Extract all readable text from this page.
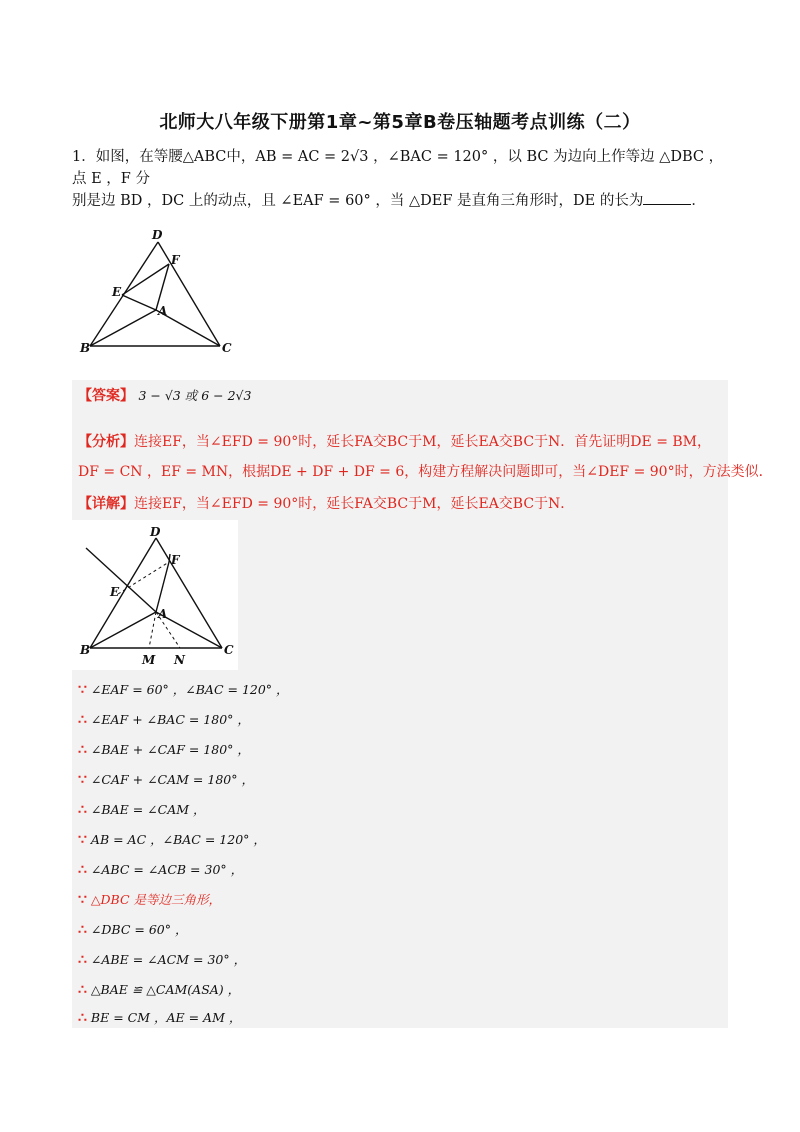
北师大八年级下册第1章~第5章B卷压轴题考点训练（二）
1．如图，在等腰△ABC中，AB = AC = 2√3 ，∠BAC = 120° ，以 BC 为边向上作等边 △DBC ，点 E ，F 分
别是边 BD ，DC 上的动点，且 ∠EAF = 60° ，当 △DEF 是直角三角形时，DE 的长为	．
D
F
E
A
B	C
【答案】 3 − √3 或 6 − 2√3
【分析】连接EF，当∠EFD = 90°时，延长FA交BC于M，延长EA交BC于N．首先证明DE = BM，
DF = CN ，EF = MN，根据DE + DF + DF = 6，构建方程解决问题即可，当∠DEF = 90°时，方法类似．
【详解】连接EF，当∠EFD = 90°时，延长FA交BC于M，延长EA交BC于N．
D
F
E
A
B	C
M N
∵ ∠EAF = 60° ，∠BAC = 120° ，
∴ ∠EAF + ∠BAC = 180° ，
∴ ∠BAE + ∠CAF = 180° ，
∵ ∠CAF + ∠CAM = 180° ，
∴ ∠BAE = ∠CAM ，
∵ AB = AC ，∠BAC = 120° ，
∴ ∠ABC = ∠ACB = 30° ，
∵ △DBC 是等边三角形，
∴ ∠DBC = 60° ，
∴ ∠ABE = ∠ACM = 30° ，
∴ △BAE ≌ △CAM(ASA) ，
∴ BE = CM ，AE = AM ，
